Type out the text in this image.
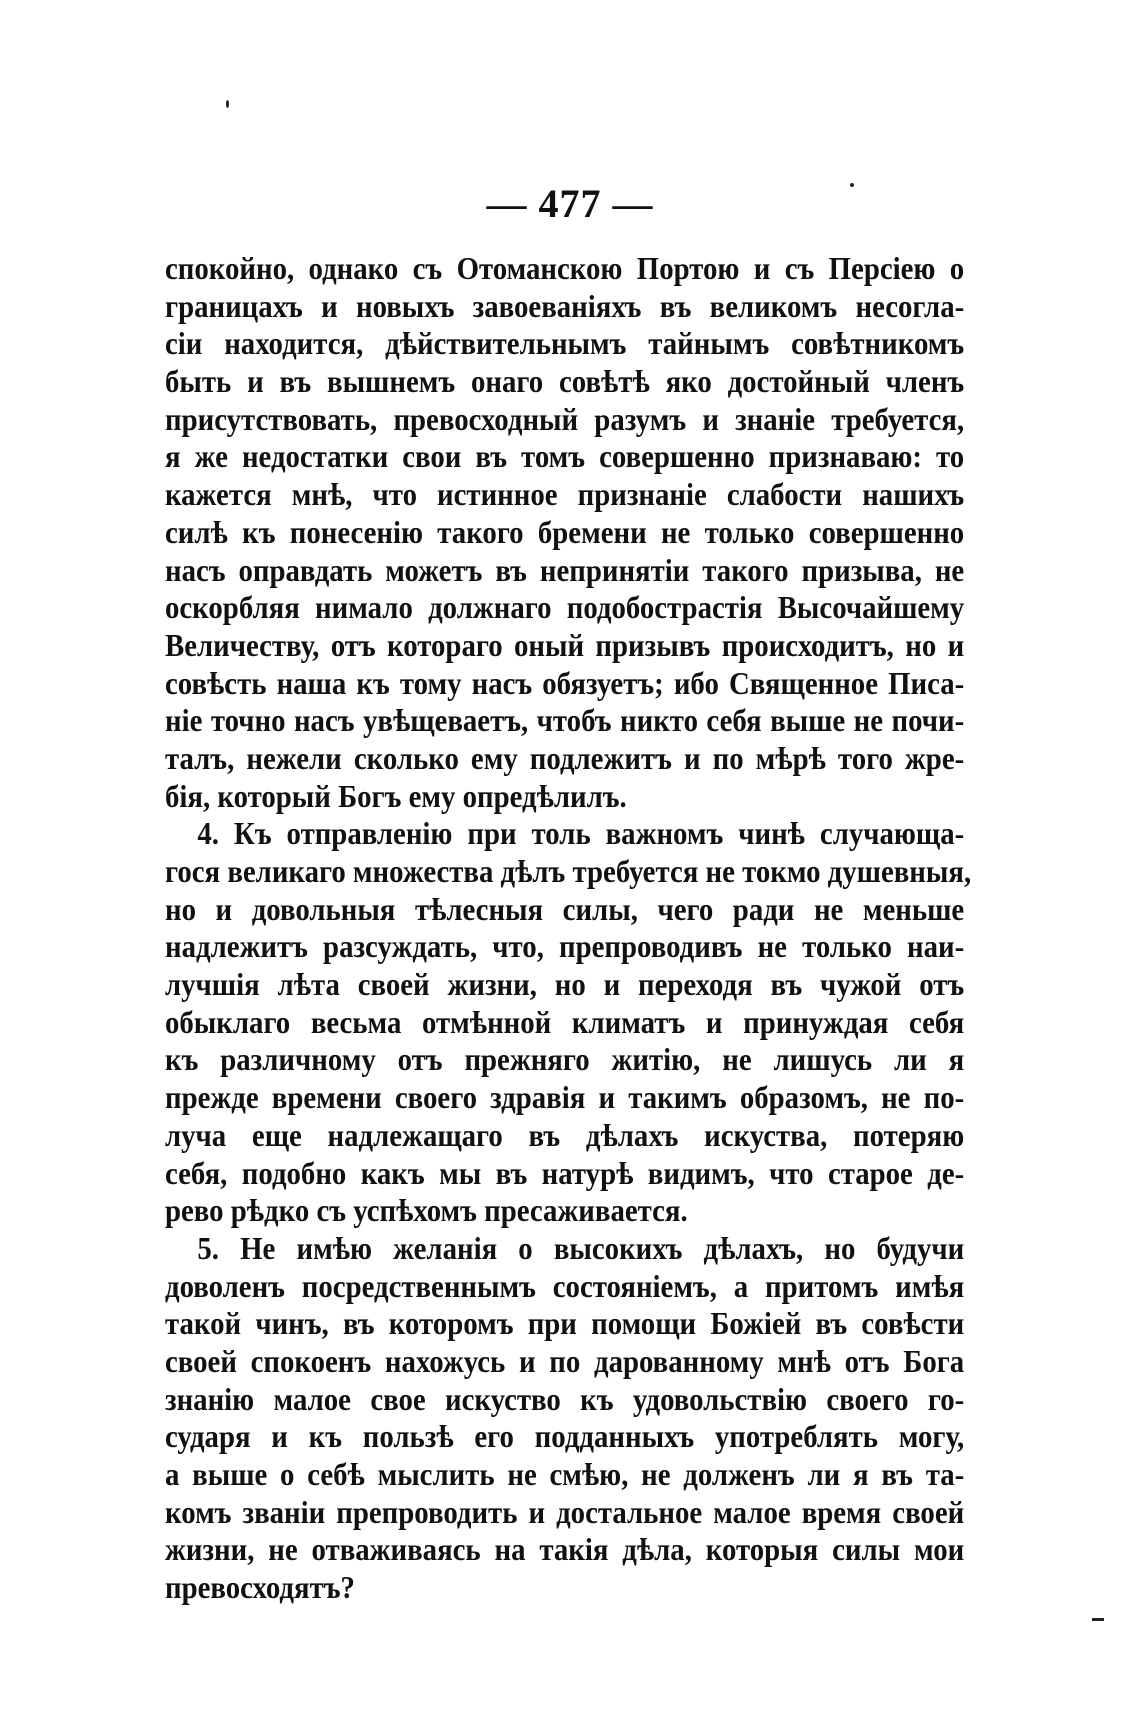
— 477 —
спокойно, однако съ Отоманскою Портою и съ Персіею о
границахъ и новыхъ завоеваніяхъ въ великомъ несогла-
сіи находится, дѣйствительнымъ тайнымъ совѣтникомъ
быть и въ вышнемъ онаго совѣтѣ яко достойный членъ
присутствовать, превосходный разумъ и знаніе требуется,
я же недостатки свои въ томъ совершенно признаваю: то
кажется мнѣ, что истинное признаніе слабости нашихъ
силѣ къ понесенію такого бремени не только совершенно
насъ оправдать можетъ въ непринятіи такого призыва, не
оскорбляя нимало должнаго подобострастія Высочайшему
Величеству, отъ котораго оный призывъ происходитъ, но и
совѣсть наша къ тому насъ обязуетъ; ибо Священное Писа-
ніе точно насъ увѣщеваетъ, чтобъ никто себя выше не почи-
талъ, нежели сколько ему подлежитъ и по мѣрѣ того жре-
бія, который Богъ ему опредѣлилъ.
4. Къ отправленію при толь важномъ чинѣ случающа-
гося великаго множества дѣлъ требуется не токмо душевныя,
но и довольныя тѣлесныя силы, чего ради не меньше
надлежитъ разсуждать, что, препроводивъ не только наи-
лучшія лѣта своей жизни, но и переходя въ чужой отъ
обыклаго весьма отмѣнной климатъ и принуждая себя
къ различному отъ прежняго житію, не лишусь ли я
прежде времени своего здравія и такимъ образомъ, не по-
луча еще надлежащаго въ дѣлахъ искуства, потеряю
себя, подобно какъ мы въ натурѣ видимъ, что старое де-
рево рѣдко съ успѣхомъ пресаживается.
5. Не имѣю желанія о высокихъ дѣлахъ, но будучи
доволенъ посредственнымъ состояніемъ, а притомъ имѣя
такой чинъ, въ которомъ при помощи Божіей въ совѣсти
своей спокоенъ нахожусь и по дарованному мнѣ отъ Бога
знанію малое свое искуство къ удовольствію своего го-
сударя и къ пользѣ его подданныхъ употреблять могу,
а выше о себѣ мыслить не смѣю, не долженъ ли я въ та-
комъ званіи препроводить и достальное малое время своей
жизни, не отваживаясь на такія дѣла, которыя силы мои
превосходятъ?
